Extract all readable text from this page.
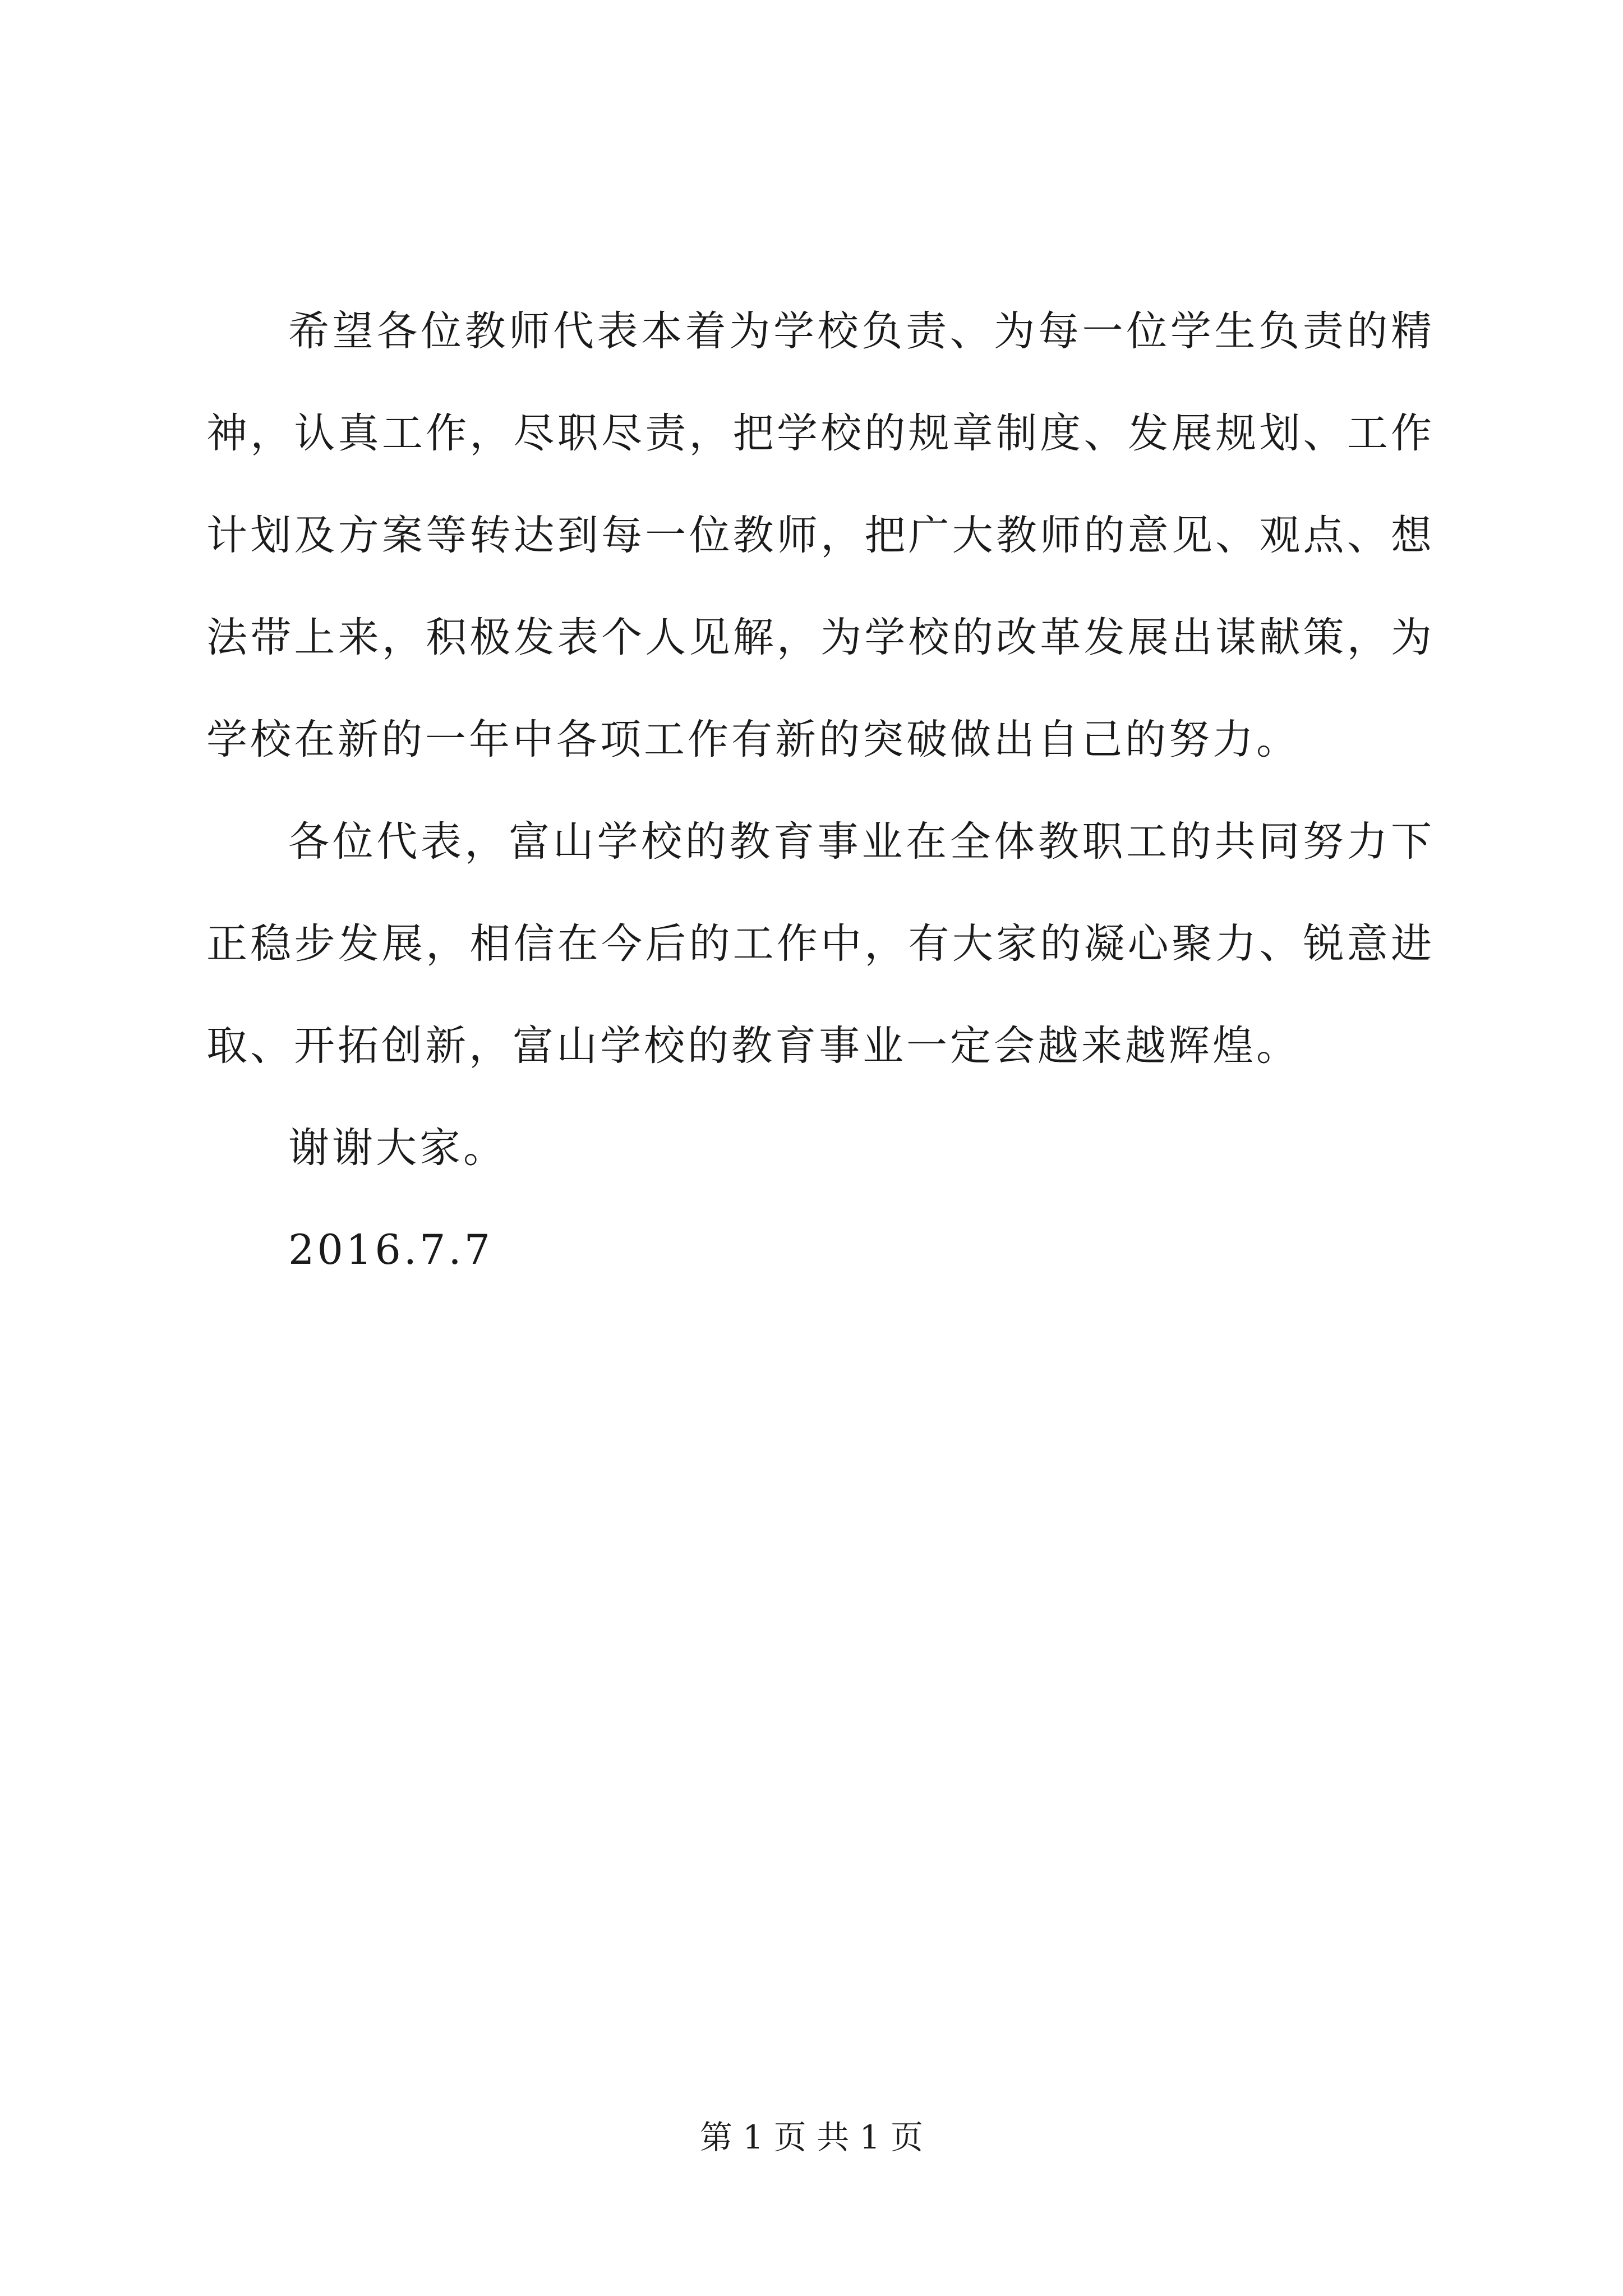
希望各位教师代表本着为学校负责、为每一位学生负责的精神，认真工作，尽职尽责，把学校的规章制度、发展规划、工作计划及方案等转达到每一位教师，把广大教师的意见、观点、想法带上来，积极发表个人见解，为学校的改革发展出谋献策，为学校在新的一年中各项工作有新的突破做出自己的努力。

各位代表，富山学校的教育事业在全体教职工的共同努力下正稳步发展，相信在今后的工作中，有大家的凝心聚力、锐意进取、开拓创新，富山学校的教育事业一定会越来越辉煌。

谢谢大家。

2016.7.7

第 1 页 共 1 页
